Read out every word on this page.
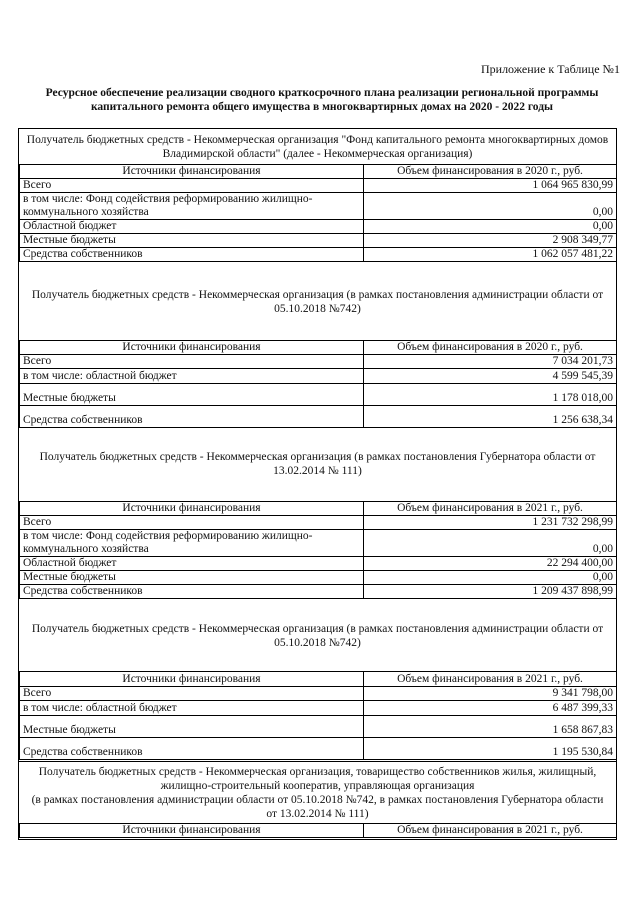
Приложение к Таблице №1
Ресурсное обеспечение реализации сводного краткосрочного плана реализации региональной программы
капитального ремонта общего имущества в многоквартирных домах на 2020 - 2022 годы
Получатель бюджетных средств - Некоммерческая организация "Фонд капитального ремонта многоквартирных домов Владимирской области" (далее - Некоммерческая организация)
Источники финансирования	Объем финансирования в 2020 г., руб.
Всего	1 064 965 830,99
в том числе: Фонд содействия реформированию жилищно-коммунального хозяйства	0,00
Областной бюджет	0,00
Местные бюджеты	2 908 349,77
Средства собственников	1 062 057 481,22
Получатель бюджетных средств - Некоммерческая организация (в рамках постановления администрации области от 05.10.2018 №742)
Источники финансирования	Объем финансирования в 2020 г., руб.
Всего	7 034 201,73
в том числе: областной бюджет	4 599 545,39
Местные бюджеты	1 178 018,00
Средства собственников	1 256 638,34
Получатель бюджетных средств - Некоммерческая организация (в рамках постановления Губернатора области от 13.02.2014 № 111)
Источники финансирования	Объем финансирования в 2021 г., руб.
Всего	1 231 732 298,99
в том числе: Фонд содействия реформированию жилищно-коммунального хозяйства	0,00
Областной бюджет	22 294 400,00
Местные бюджеты	0,00
Средства собственников	1 209 437 898,99
Получатель бюджетных средств - Некоммерческая организация (в рамках постановления администрации области от 05.10.2018 №742)
Источники финансирования	Объем финансирования в 2021 г., руб.
Всего	9 341 798,00
в том числе: областной бюджет	6 487 399,33
Местные бюджеты	1 658 867,83
Средства собственников	1 195 530,84
Получатель бюджетных средств - Некоммерческая организация, товарищество собственников жилья, жилищный,
жилищно-строительный кооператив, управляющая организация
(в рамках постановления администрации области от 05.10.2018 №742, в рамках постановления Губернатора области
от 13.02.2014 № 111)
Источники финансирования	Объем финансирования в 2021 г., руб.
